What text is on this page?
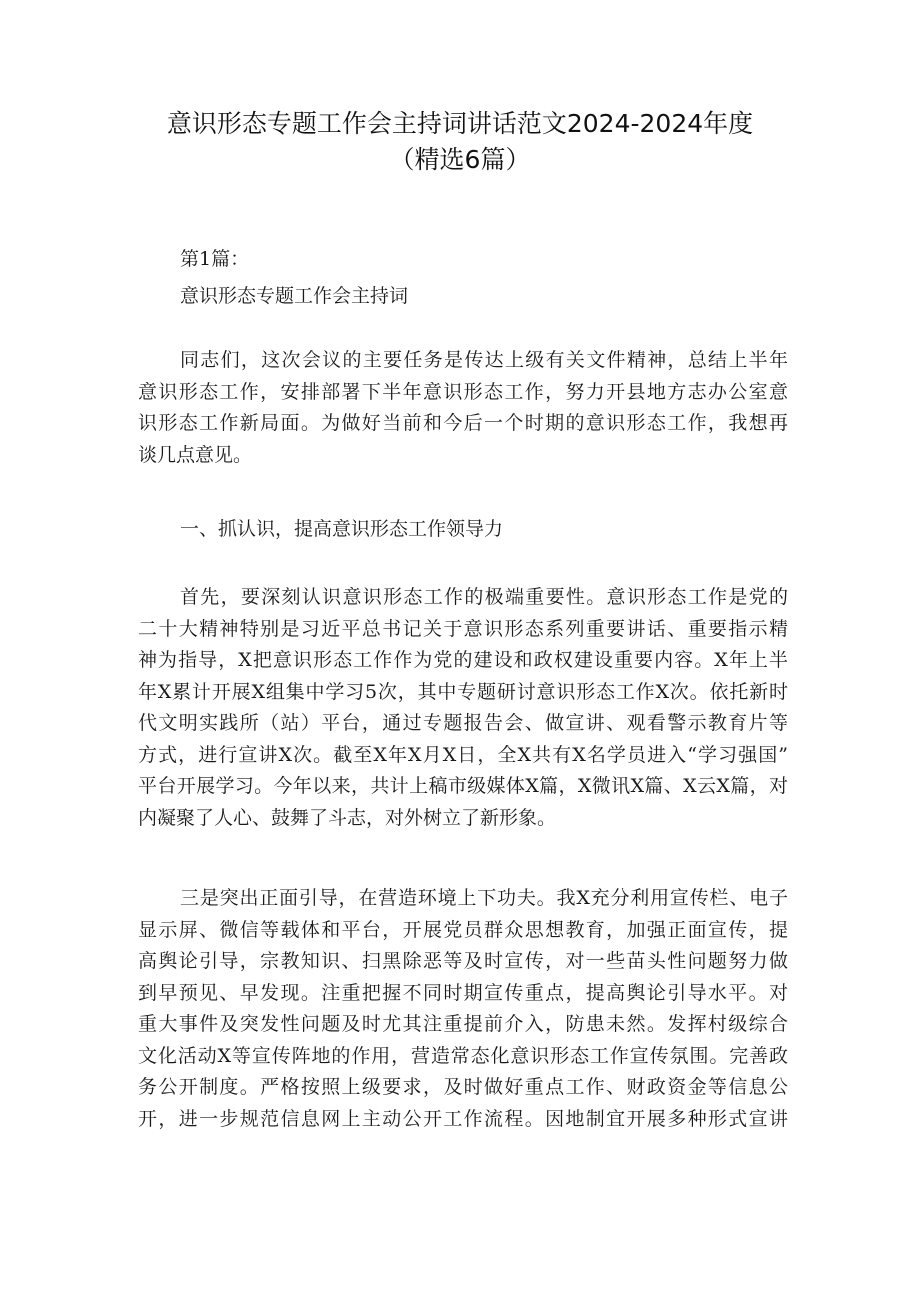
意识形态专题工作会主持词讲话范文2024-2024年度
（精选6篇）
第1篇：
意识形态专题工作会主持词
同志们，这次会议的主要任务是传达上级有关文件精神，总结上半年
意识形态工作，安排部署下半年意识形态工作，努力开县地方志办公室意
识形态工作新局面。为做好当前和今后一个时期的意识形态工作，我想再
谈几点意见。
一、抓认识，提高意识形态工作领导力
首先，要深刻认识意识形态工作的极端重要性。意识形态工作是党的
二十大精神特别是习近平总书记关于意识形态系列重要讲话、重要指示精
神为指导，X把意识形态工作作为党的建设和政权建设重要内容。X年上半
年X累计开展X组集中学习5次，其中专题研讨意识形态工作X次。依托新时
代文明实践所（站）平台，通过专题报告会、做宣讲、观看警示教育片等
方式，进行宣讲X次。截至X年X月X日，全X共有X名学员进入“学习强国”
平台开展学习。今年以来，共计上稿市级媒体X篇，X微讯X篇、X云X篇，对
内凝聚了人心、鼓舞了斗志，对外树立了新形象。
三是突出正面引导，在营造环境上下功夫。我X充分利用宣传栏、电子
显示屏、微信等载体和平台，开展党员群众思想教育，加强正面宣传，提
高舆论引导，宗教知识、扫黑除恶等及时宣传，对一些苗头性问题努力做
到早预见、早发现。注重把握不同时期宣传重点，提高舆论引导水平。对
重大事件及突发性问题及时尤其注重提前介入，防患未然。发挥村级综合
文化活动X等宣传阵地的作用，营造常态化意识形态工作宣传氛围。完善政
务公开制度。严格按照上级要求，及时做好重点工作、财政资金等信息公
开，进一步规范信息网上主动公开工作流程。因地制宜开展多种形式宣讲
